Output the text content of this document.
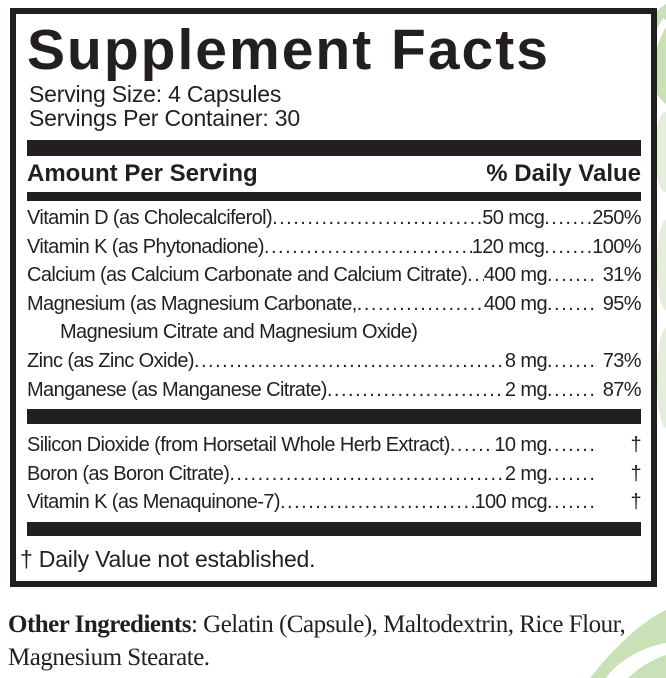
Supplement Facts
Serving Size: 4 Capsules
Servings Per Container: 30
Amount Per Serving	% Daily Value
Vitamin D (as Cholecalciferol) .....	50 mcg ..... 250%
Vitamin K (as Phytonadione) .....	120 mcg ..... 100%
Calcium (as Calcium Carbonate and Calcium Citrate) ..... 400 mg .....	31%
Magnesium (as Magnesium Carbonate, .....	400 mg .....	95%
Magnesium Citrate and Magnesium Oxide)
Zinc (as Zinc Oxide) .....	8 mg .....	73%
Manganese (as Manganese Citrate) .....	2 mg .....	87%
Silicon Dioxide (from Horsetail Whole Herb Extract) ..... 10 mg .....	†
Boron (as Boron Citrate) .....	2 mg .....	†
Vitamin K (as Menaquinone-7) .....	100 mcg .....	†
† Daily Value not established.

Other Ingredients: Gelatin (Capsule), Maltodextrin, Rice Flour, Magnesium Stearate.
